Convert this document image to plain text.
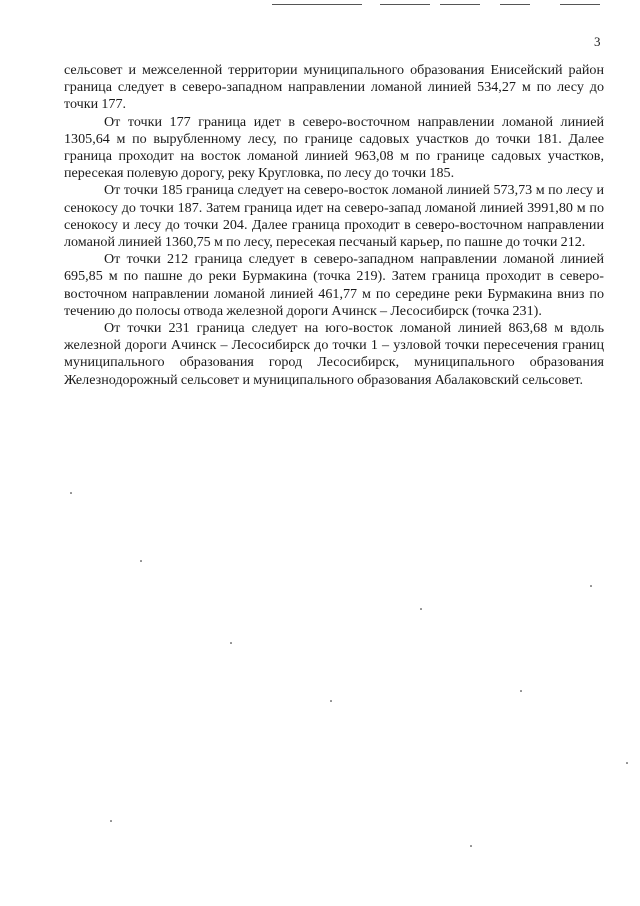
3

сельсовет и межселенной территории муниципального образования Енисейский район граница следует в северо-западном направлении ломаной линией 534,27 м по лесу до точки 177.

От точки 177 граница идет в северо-восточном направлении ломаной линией 1305,64 м по вырубленному лесу, по границе садовых участков до точки 181. Далее граница проходит на восток ломаной линией 963,08 м по границе садовых участков, пересекая полевую дорогу, реку Кругловка, по лесу до точки 185.

От точки 185 граница следует на северо-восток ломаной линией 573,73 м по лесу и сенокосу до точки 187. Затем граница идет на северо-запад ломаной линией 3991,80 м по сенокосу и лесу до точки 204. Далее граница проходит в северо-восточном направлении ломаной линией 1360,75 м по лесу, пересекая песчаный карьер, по пашне до точки 212.

От точки 212 граница следует в северо-западном направлении ломаной линией 695,85 м по пашне до реки Бурмакина (точка 219). Затем граница проходит в северо-восточном направлении ломаной линией 461,77 м по середине реки Бурмакина вниз по течению до полосы отвода железной дороги Ачинск – Лесосибирск (точка 231).

От точки 231 граница следует на юго-восток ломаной линией 863,68 м вдоль железной дороги Ачинск – Лесосибирск до точки 1 – узловой точки пересечения границ муниципального образования город Лесосибирск, муниципального образования Железнодорожный сельсовет и муниципального образования Абалаковский сельсовет.
